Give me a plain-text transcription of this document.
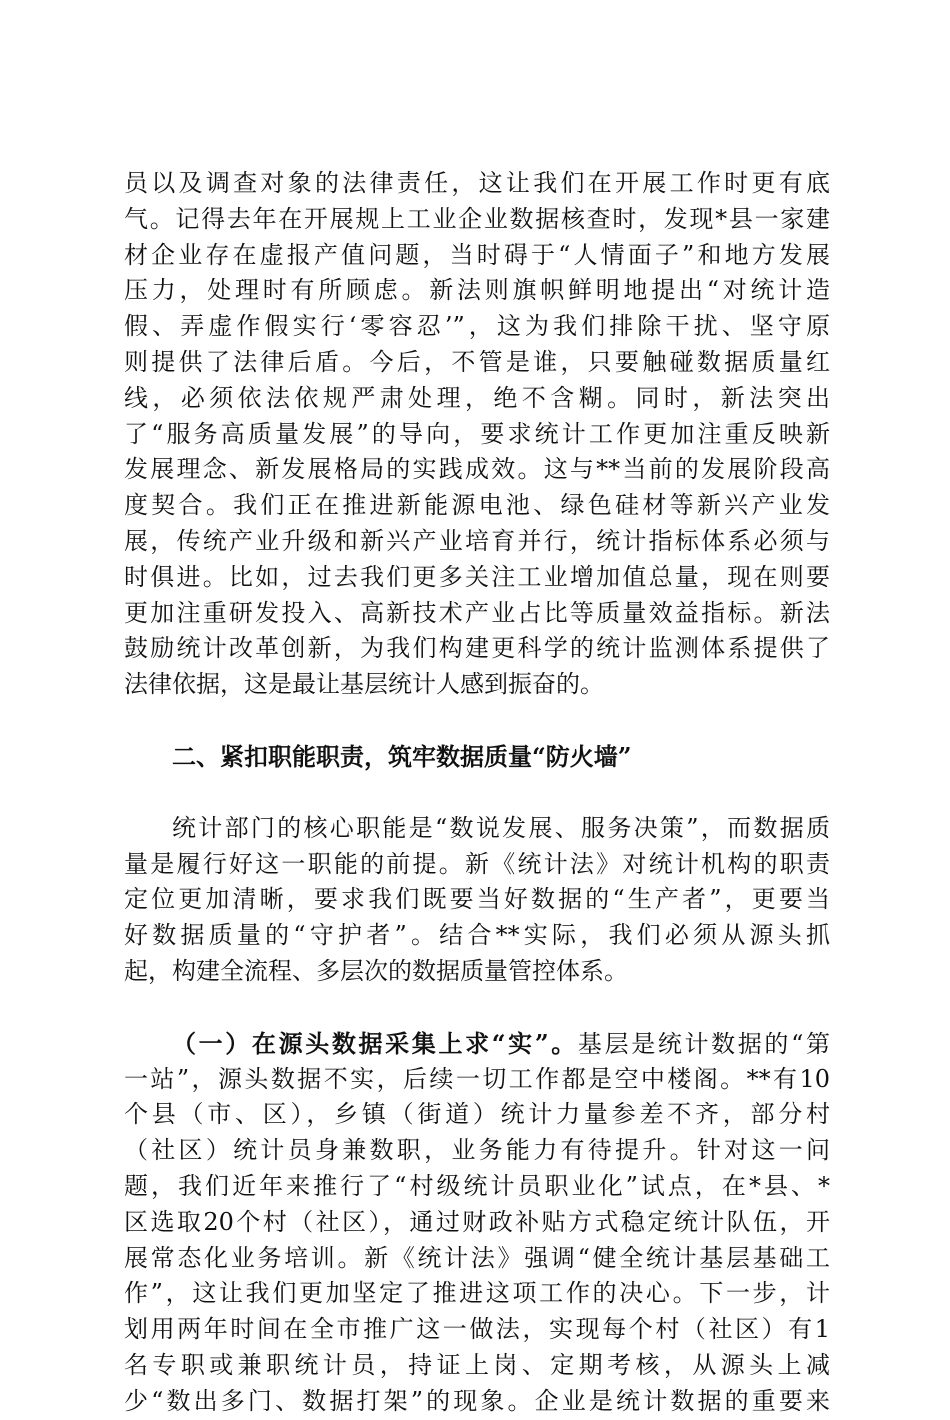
员以及调查对象的法律责任，这让我们在开展工作时更有底
气。记得去年在开展规上工业企业数据核查时，发现*县一家建
材企业存在虚报产值问题，当时碍于“人情面子”和地方发展
压力，处理时有所顾虑。新法则旗帜鲜明地提出“对统计造
假、弄虚作假实行‘零容忍’”，这为我们排除干扰、坚守原
则提供了法律后盾。今后，不管是谁，只要触碰数据质量红
线，必须依法依规严肃处理，绝不含糊。同时，新法突出
了“服务高质量发展”的导向，要求统计工作更加注重反映新
发展理念、新发展格局的实践成效。这与**当前的发展阶段高
度契合。我们正在推进新能源电池、绿色硅材等新兴产业发
展，传统产业升级和新兴产业培育并行，统计指标体系必须与
时俱进。比如，过去我们更多关注工业增加值总量，现在则要
更加注重研发投入、高新技术产业占比等质量效益指标。新法
鼓励统计改革创新，为我们构建更科学的统计监测体系提供了
法律依据，这是最让基层统计人感到振奋的。
二、紧扣职能职责，筑牢数据质量“防火墙”
统计部门的核心职能是“数说发展、服务决策”，而数据质
量是履行好这一职能的前提。新《统计法》对统计机构的职责
定位更加清晰，要求我们既要当好数据的“生产者”，更要当
好数据质量的“守护者”。结合**实际，我们必须从源头抓
起，构建全流程、多层次的数据质量管控体系。
（一）在源头数据采集上求“实”。基层是统计数据的“第
一站”，源头数据不实，后续一切工作都是空中楼阁。**有10
个县（市、区），乡镇（街道）统计力量参差不齐，部分村
（社区）统计员身兼数职，业务能力有待提升。针对这一问
题，我们近年来推行了“村级统计员职业化”试点，在*县、*
区选取20个村（社区），通过财政补贴方式稳定统计队伍，开
展常态化业务培训。新《统计法》强调“健全统计基层基础工
作”，这让我们更加坚定了推进这项工作的决心。下一步，计
划用两年时间在全市推广这一做法，实现每个村（社区）有1
名专职或兼职统计员，持证上岗、定期考核，从源头上减
少“数出多门、数据打架”的现象。企业是统计数据的重要来
